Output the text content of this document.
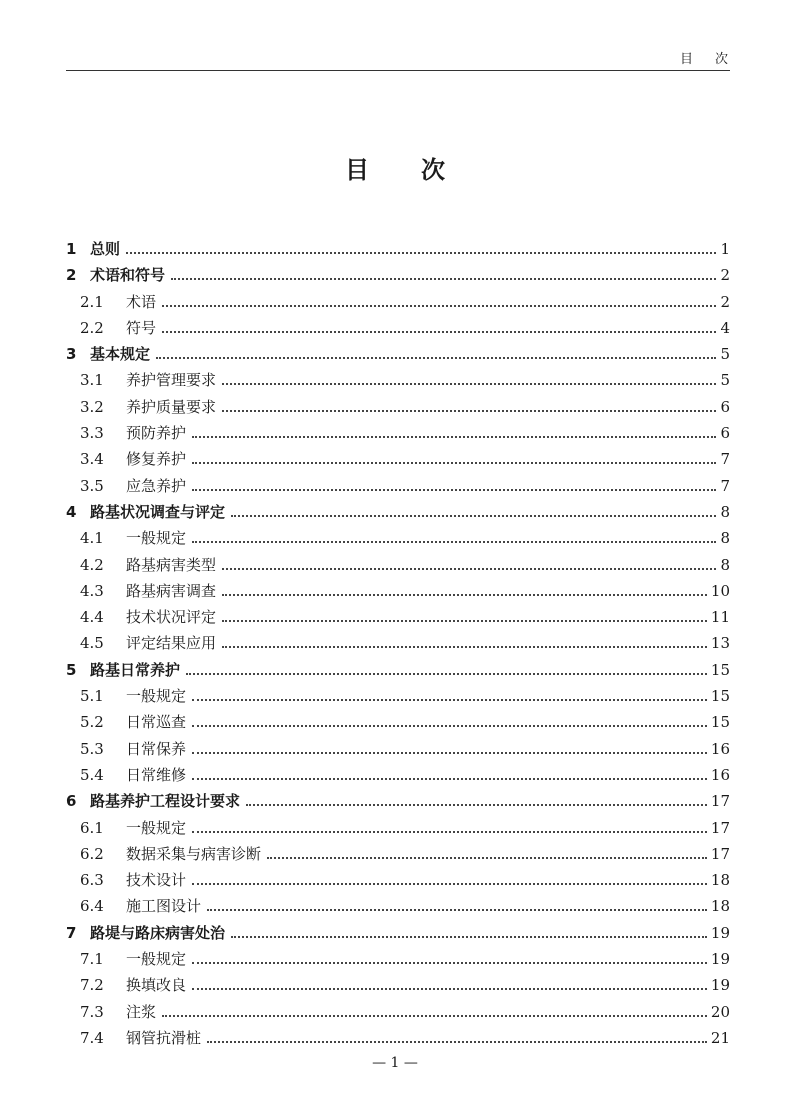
目次
目次
1 总则	1
2 术语和符号	2
2.1	术语	2
2.2	符号	4
3 基本规定	5
3.1	养护管理要求	5
3.2	养护质量要求	6
3.3	预防养护	6
3.4	修复养护	7
3.5	应急养护	7
4 路基状况调查与评定	8
4.1	一般规定	8
4.2	路基病害类型	8
4.3	路基病害调查	10
4.4	技术状况评定	11
4.5	评定结果应用	13
5 路基日常养护	15
5.1	一般规定	15
5.2	日常巡查	15
5.3	日常保养	16
5.4	日常维修	16
6 路基养护工程设计要求	17
6.1	一般规定	17
6.2	数据采集与病害诊断	17
6.3	技术设计	18
6.4	施工图设计	18
7 路堤与路床病害处治	19
7.1	一般规定	19
7.2	换填改良	19
7.3	注浆	20
7.4	钢管抗滑桩	21
— 1 —
